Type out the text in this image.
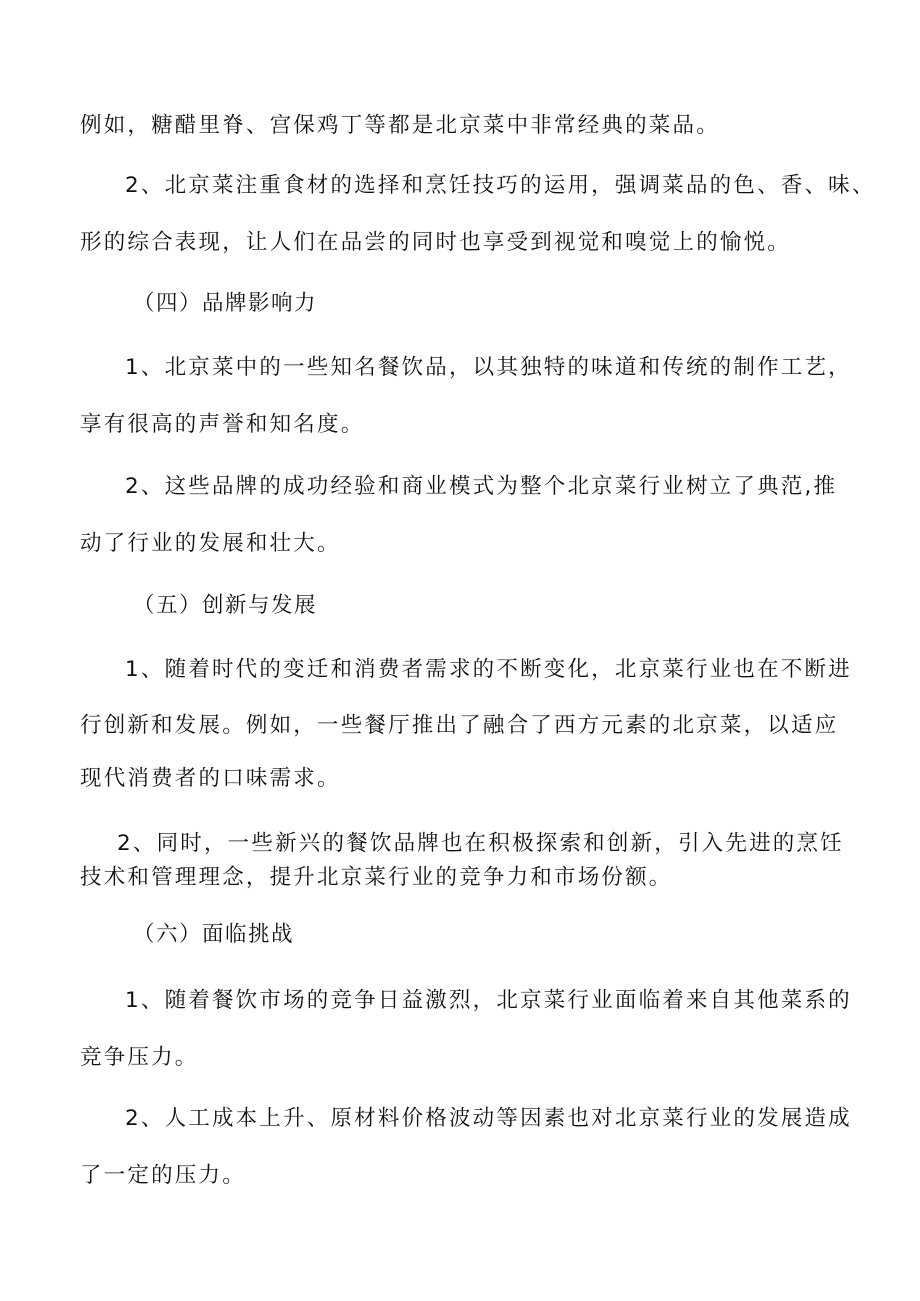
例如，糖醋里脊、宫保鸡丁等都是北京菜中非常经典的菜品。
2、北京菜注重食材的选择和烹饪技巧的运用，强调菜品的色、香、味、
形的综合表现，让人们在品尝的同时也享受到视觉和嗅觉上的愉悦。
（四）品牌影响力
1、北京菜中的一些知名餐饮品，以其独特的味道和传统的制作工艺，
享有很高的声誉和知名度。
2、这些品牌的成功经验和商业模式为整个北京菜行业树立了典范,推
动了行业的发展和壮大。
（五）创新与发展
1、随着时代的变迁和消费者需求的不断变化，北京菜行业也在不断进
行创新和发展。例如，一些餐厅推出了融合了西方元素的北京菜，以适应
现代消费者的口味需求。
2、同时，一些新兴的餐饮品牌也在积极探索和创新，引入先进的烹饪
技术和管理理念，提升北京菜行业的竞争力和市场份额。
（六）面临挑战
1、随着餐饮市场的竞争日益激烈，北京菜行业面临着来自其他菜系的
竞争压力。
2、人工成本上升、原材料价格波动等因素也对北京菜行业的发展造成
了一定的压力。
